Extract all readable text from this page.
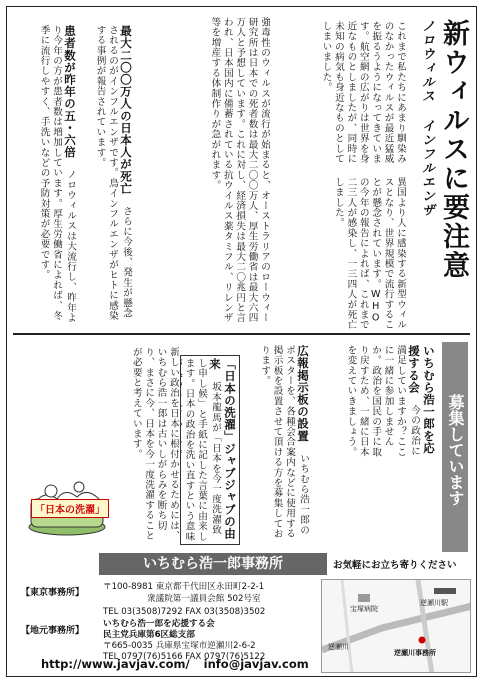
ノロウィルス インフルエンザ 新ウィルスに要注意
これまで私たちにあまり馴染みのなかったウィルスが最近猛威を振るうようになってきています。航空網の広がりは世界を身近なものとしましたが、同時に未知の病気も身近なものとしてしまいました。
異国より人に感染する新型ウィルスとなり、世界規模で流行することが懸念されています。WHOの今年の報告によれば、これまで二三人が感染し、一三四人が死亡しました。
強毒性のウィルスが流行が始まると、オーストラリアのローウィー研究所は日本での死者数は最大二〇〇万人、厚生労働省は最大六四万人と予想しています。これに対し、経済損失は最大二〇兆円と言われ、日本国内に備蓄されている抗ウイルス薬タミフル、リレンザ等を増産する体制作りが急がれます。
患者数が昨年の五・六倍 ノロウィルスは大流行し、昨年より今年の方が患者数は増加しています。厚生労働省によれば、冬季に流行しやすく、手洗いなどの予防対策が必要です。	最大二〇〇万人の日本人が死亡 さらに今後、発生が懸念されるのがインフルエンザです。鳥インフルエンザがヒトに感染する事例が報告されています。
募集しています
いちむら浩一郎を応援する会 今の政治に満足していますか？ここに一緒に参加しませんか。政治を国民の手に取り戻すため、一緒に日本を変えていきましょう。
広報掲示板の設置 いちむら浩一郎のポスターを、各種会合案内などに使用する掲示板を設置させて頂ける方を募集しております。
「日本の洗濯」ジャブジャブの由来 坂本龍馬が「日本を今一度洗濯致し申し候」と手紙に記した言葉に由来します。日本の政治を洗い直すという意味
新しい政治を日本に根付かせるためには、いちむら浩一郎は古いしがらみを断ち切り、まさに今、日本を今一度洗濯することが必要と考えています。
「日本の洗濯」
いちむら浩一郎事務所	お気軽にお立ち寄りください
【東京事務所】
〒100-8981 東京都千代田区永田町2-2-1
衆議院第一議員会館 502号室
TEL 03(3508)7292 FAX 03(3508)3502
【地元事務所】
いちむら浩一郎を応援する会
民主党兵庫第6区総支部
〒665-0035 兵庫県宝塚市逆瀬川2-6-2
TEL 0797(76)5166 FAX 0797(76)5122
http://www.javjav.com/ info@javjav.com
逆瀬川駅
逆瀬川事務所
宝塚病院
逆瀬川
